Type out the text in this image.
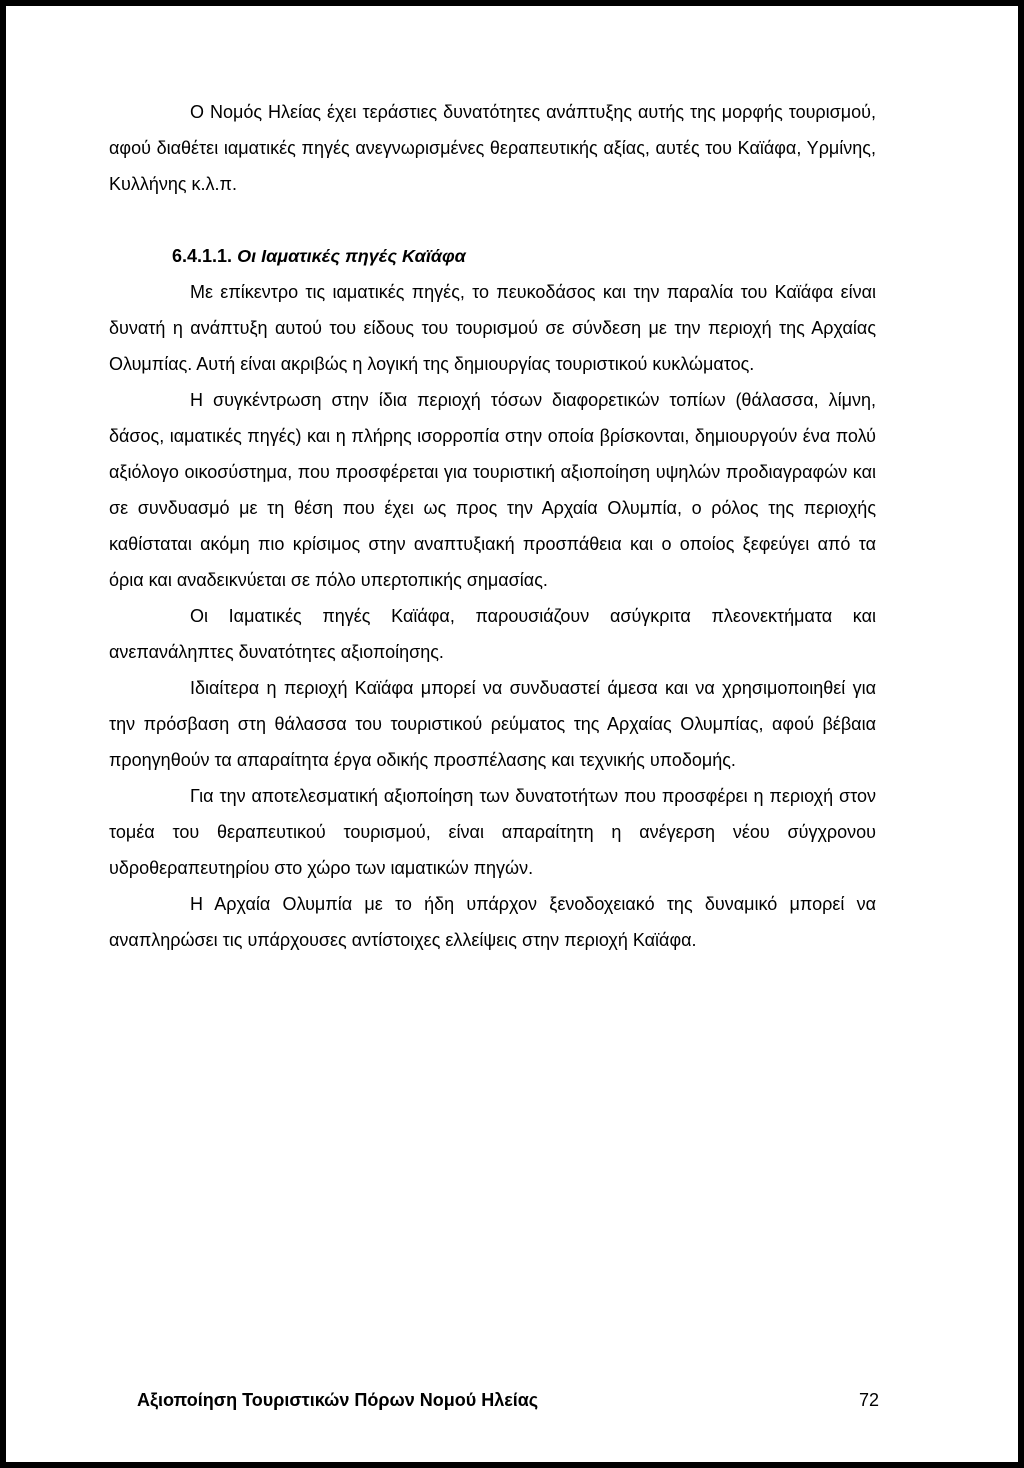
Ο Νομός Ηλείας έχει τεράστιες δυνατότητες ανάπτυξης αυτής της μορφής τουρισμού, αφού διαθέτει ιαματικές πηγές ανεγνωρισμένες θεραπευτικής αξίας, αυτές του Καϊάφα, Υρμίνης, Κυλλήνης κ.λ.π.

6.4.1.1. Οι Ιαματικές πηγές Καϊάφα

Με επίκεντρο τις ιαματικές πηγές, το πευκοδάσος και την παραλία του Καϊάφα είναι δυνατή η ανάπτυξη αυτού του είδους του τουρισμού σε σύνδεση με την περιοχή της Αρχαίας Ολυμπίας. Αυτή είναι ακριβώς η λογική της δημιουργίας τουριστικού κυκλώματος.

Η συγκέντρωση στην ίδια περιοχή τόσων διαφορετικών τοπίων (θάλασσα, λίμνη, δάσος, ιαματικές πηγές) και η πλήρης ισορροπία στην οποία βρίσκονται, δημιουργούν ένα πολύ αξιόλογο οικοσύστημα, που προσφέρεται για τουριστική αξιοποίηση υψηλών προδιαγραφών και σε συνδυασμό με τη θέση που έχει ως προς την Αρχαία Ολυμπία, ο ρόλος της περιοχής καθίσταται ακόμη πιο κρίσιμος στην αναπτυξιακή προσπάθεια και ο οποίος ξεφεύγει από τα όρια και αναδεικνύεται σε πόλο υπερτοπικής σημασίας.

Οι Ιαματικές πηγές Καϊάφα, παρουσιάζουν ασύγκριτα πλεονεκτήματα και ανεπανάληπτες δυνατότητες αξιοποίησης.

Ιδιαίτερα η περιοχή Καϊάφα μπορεί να συνδυαστεί άμεσα και να χρησιμοποιηθεί για την πρόσβαση στη θάλασσα του τουριστικού ρεύματος της Αρχαίας Ολυμπίας, αφού βέβαια προηγηθούν τα απαραίτητα έργα οδικής προσπέλασης και τεχνικής υποδομής.

Για την αποτελεσματική αξιοποίηση των δυνατοτήτων που προσφέρει η περιοχή στον τομέα του θεραπευτικού τουρισμού, είναι απαραίτητη η ανέγερση νέου σύγχρονου υδροθεραπευτηρίου στο χώρο των ιαματικών πηγών.

Η Αρχαία Ολυμπία με το ήδη υπάρχον ξενοδοχειακό της δυναμικό μπορεί να αναπληρώσει τις υπάρχουσες αντίστοιχες ελλείψεις στην περιοχή Καϊάφα.

Αξιοποίηση Τουριστικών Πόρων Νομού Ηλείας	72
